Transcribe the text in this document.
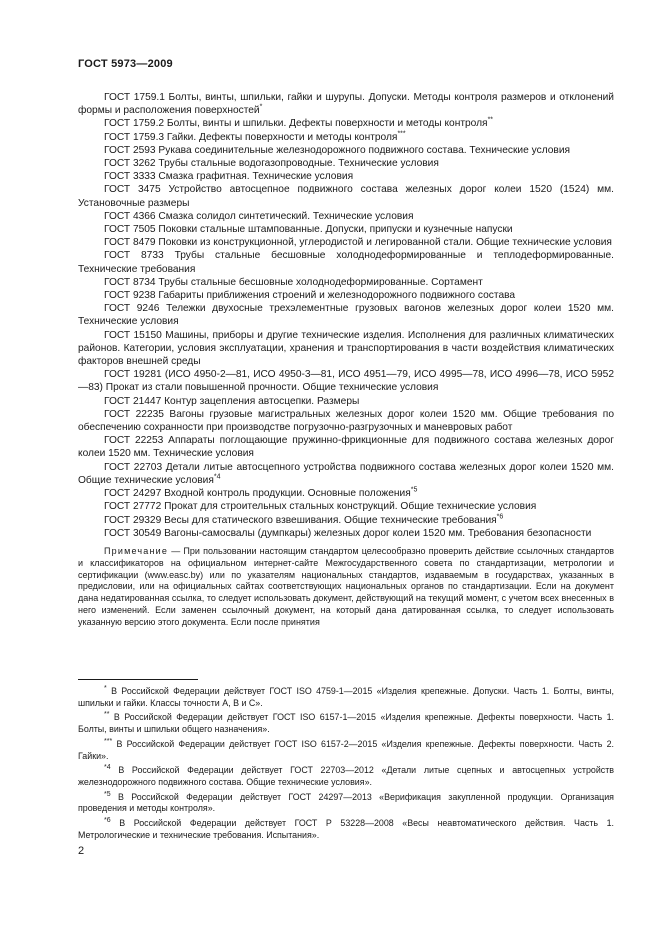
ГОСТ 5973—2009

ГОСТ 1759.1 Болты, винты, шпильки, гайки и шурупы. Допуски. Методы контроля размеров и отклонений формы и расположения поверхностей*

ГОСТ 1759.2 Болты, винты и шпильки. Дефекты поверхности и методы контроля**

ГОСТ 1759.3 Гайки. Дефекты поверхности и методы контроля***

ГОСТ 2593 Рукава соединительные железнодорожного подвижного состава. Технические условия

ГОСТ 3262 Трубы стальные водогазопроводные. Технические условия

ГОСТ 3333 Смазка графитная. Технические условия

ГОСТ 3475 Устройство автосцепное подвижного состава железных дорог колеи 1520 (1524) мм. Установочные размеры

ГОСТ 4366 Смазка солидол синтетический. Технические условия

ГОСТ 7505 Поковки стальные штампованные. Допуски, припуски и кузнечные напуски

ГОСТ 8479 Поковки из конструкционной, углеродистой и легированной стали. Общие технические условия

ГОСТ 8733 Трубы стальные бесшовные холоднодеформированные и теплодеформированные. Технические требования

ГОСТ 8734 Трубы стальные бесшовные холоднодеформированные. Сортамент

ГОСТ 9238 Габариты приближения строений и железнодорожного подвижного состава

ГОСТ 9246 Тележки двухосные трехэлементные грузовых вагонов железных дорог колеи 1520 мм. Технические условия

ГОСТ 15150 Машины, приборы и другие технические изделия. Исполнения для различных климатических районов. Категории, условия эксплуатации, хранения и транспортирования в части воздействия климатических факторов внешней среды

ГОСТ 19281 (ИСО 4950-2—81, ИСО 4950-3—81, ИСО 4951—79, ИСО 4995—78, ИСО 4996—78, ИСО 5952—83) Прокат из стали повышенной прочности. Общие технические условия

ГОСТ 21447 Контур зацепления автосцепки. Размеры

ГОСТ 22235 Вагоны грузовые магистральных железных дорог колеи 1520 мм. Общие требования по обеспечению сохранности при производстве погрузочно-разгрузочных и маневровых работ

ГОСТ 22253 Аппараты поглощающие пружинно-фрикционные для подвижного состава железных дорог колеи 1520 мм. Технические условия

ГОСТ 22703 Детали литые автосцепного устройства подвижного состава железных дорог колеи 1520 мм. Общие технические условия$^{*4}$

ГОСТ 24297 Входной контроль продукции. Основные положения$^{*5}$

ГОСТ 27772 Прокат для строительных стальных конструкций. Общие технические условия

ГОСТ 29329 Весы для статического взвешивания. Общие технические требования$^{*6}$

ГОСТ 30549 Вагоны-самосвалы (думпкары) железных дорог колеи 1520 мм. Требования безопасности

Примечание — При пользовании настоящим стандартом целесообразно проверить действие ссылочных стандартов и классификаторов на официальном интернет-сайте Межгосударственного совета по стандартизации, метрологии и сертификации (www.easc.by) или по указателям национальных стандартов, издаваемым в государствах, указанных в предисловии, или на официальных сайтах соответствующих национальных органов по стандартизации. Если на документ дана недатированная ссылка, то следует использовать документ, действующий на текущий момент, с учетом всех внесенных в него изменений. Если заменен ссылочный документ, на который дана датированная ссылка, то следует использовать указанную версию этого документа. Если после принятия

* В Российской Федерации действует ГОСТ ISO 4759-1—2015 «Изделия крепежные. Допуски. Часть 1. Болты, винты, шпильки и гайки. Классы точности А, В и С».

** В Российской Федерации действует ГОСТ ISO 6157-1—2015 «Изделия крепежные. Дефекты поверхности. Часть 1. Болты, винты и шпильки общего назначения».

*** В Российской Федерации действует ГОСТ ISO 6157-2—2015 «Изделия крепежные. Дефекты поверхности. Часть 2. Гайки».

$^{*4}$ В Российской Федерации действует ГОСТ 22703—2012 «Детали литые сцепных и автосцепных устройств железнодорожного подвижного состава. Общие технические условия».

$^{*5}$ В Российской Федерации действует ГОСТ 24297—2013 «Верификация закупленной продукции. Организация проведения и методы контроля».

$^{*6}$ В Российской Федерации действует ГОСТ Р 53228—2008 «Весы неавтоматического действия. Часть 1. Метрологические и технические требования. Испытания».

2
